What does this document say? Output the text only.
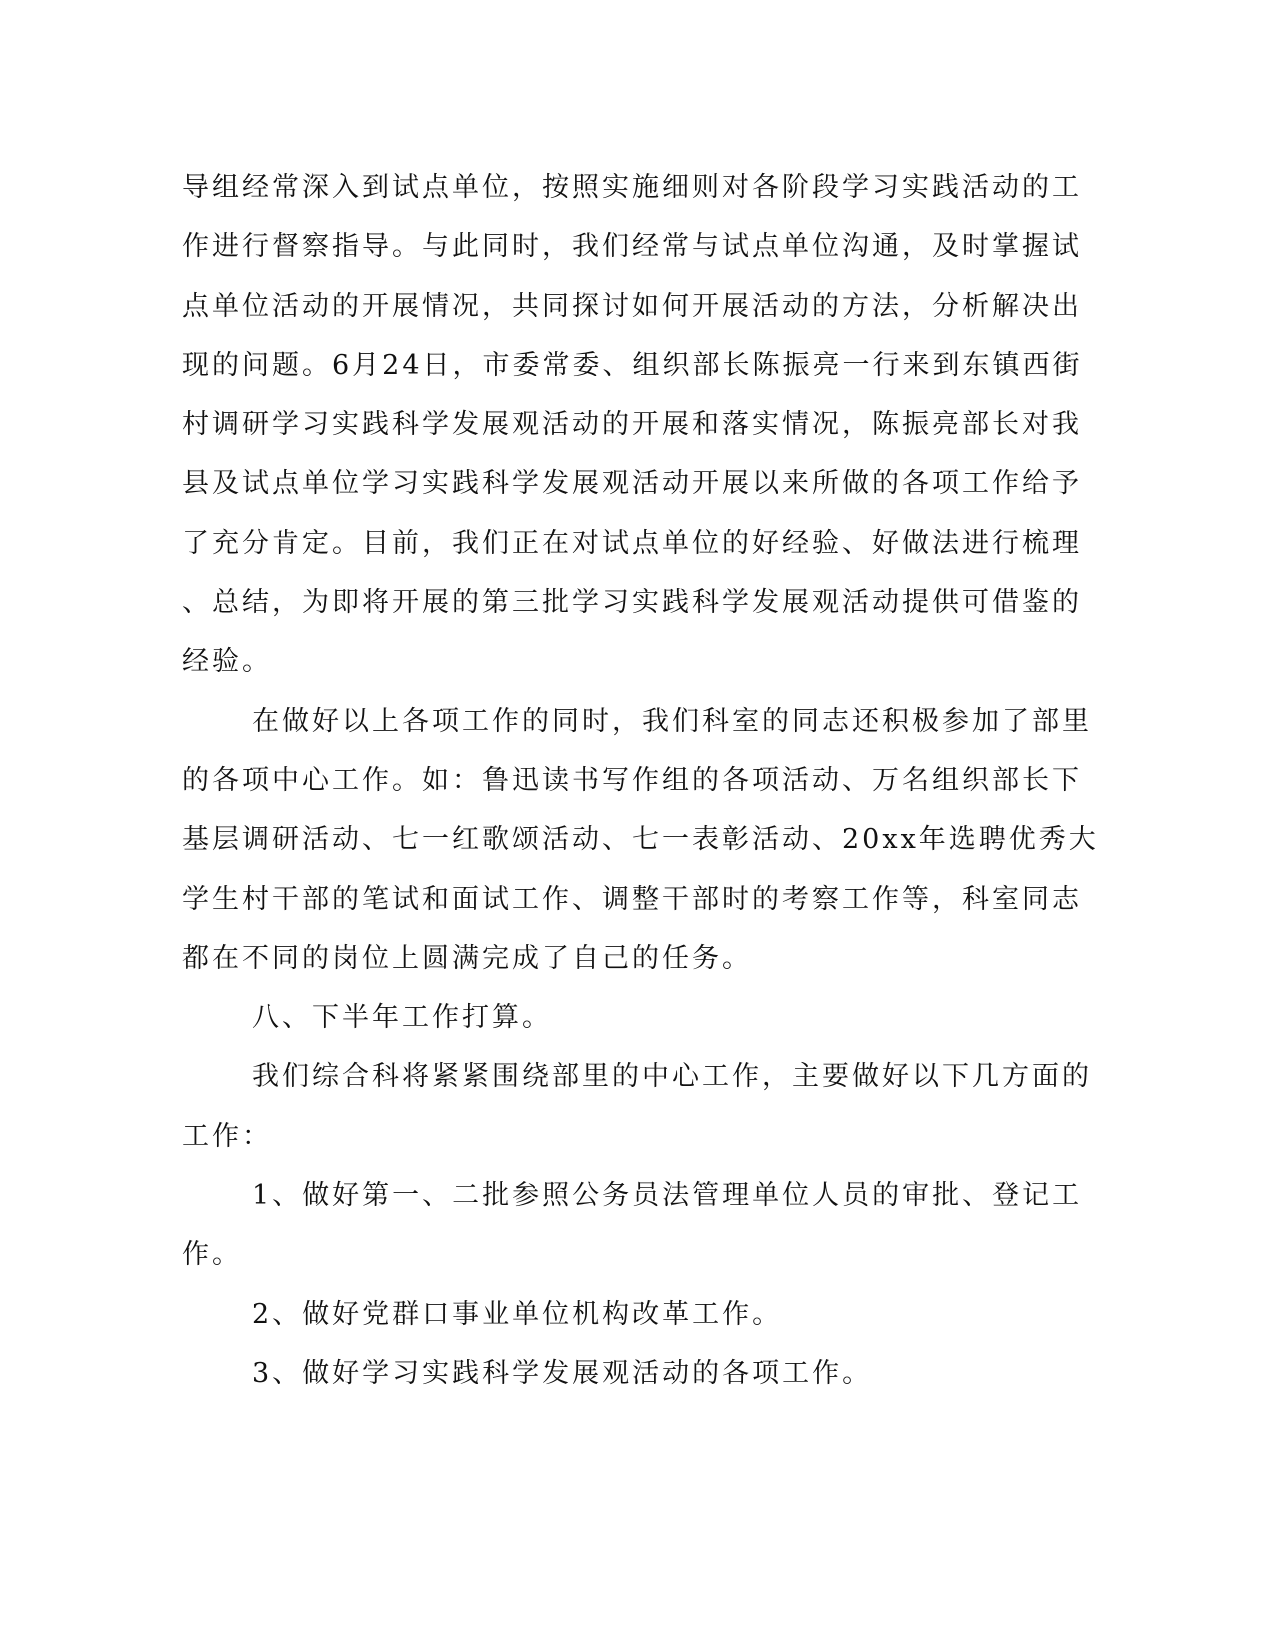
导组经常深入到试点单位，按照实施细则对各阶段学习实践活动的工
作进行督察指导。与此同时，我们经常与试点单位沟通，及时掌握试
点单位活动的开展情况，共同探讨如何开展活动的方法，分析解决出
现的问题。6月24日，市委常委、组织部长陈振亮一行来到东镇西街
村调研学习实践科学发展观活动的开展和落实情况，陈振亮部长对我
县及试点单位学习实践科学发展观活动开展以来所做的各项工作给予
了充分肯定。目前，我们正在对试点单位的好经验、好做法进行梳理
、总结，为即将开展的第三批学习实践科学发展观活动提供可借鉴的
经验。
在做好以上各项工作的同时，我们科室的同志还积极参加了部里
的各项中心工作。如：鲁迅读书写作组的各项活动、万名组织部长下
基层调研活动、七一红歌颂活动、七一表彰活动、20xx年选聘优秀大
学生村干部的笔试和面试工作、调整干部时的考察工作等，科室同志
都在不同的岗位上圆满完成了自己的任务。
八、下半年工作打算。
我们综合科将紧紧围绕部里的中心工作，主要做好以下几方面的
工作：
1、做好第一、二批参照公务员法管理单位人员的审批、登记工
作。
2、做好党群口事业单位机构改革工作。
3、做好学习实践科学发展观活动的各项工作。
